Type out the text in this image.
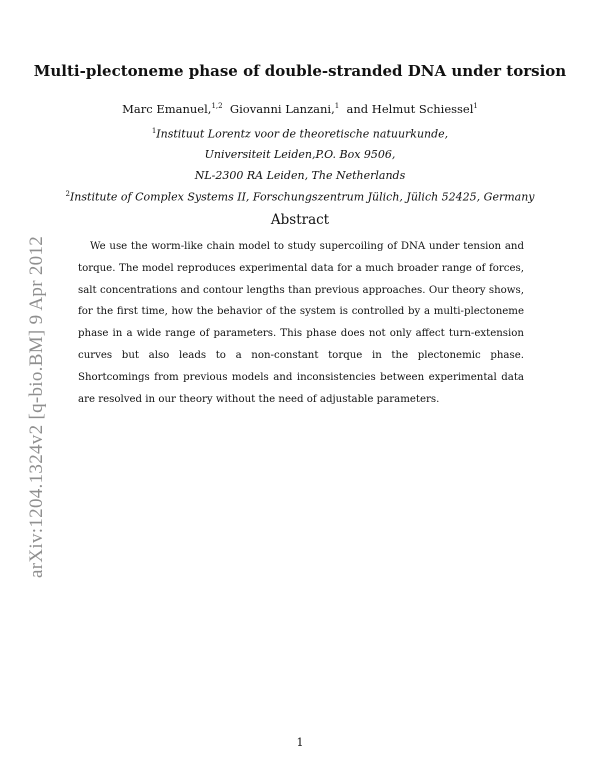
Multi-plectoneme phase of double-stranded DNA under torsion
Marc Emanuel,$^{1,2}$ Giovanni Lanzani,$^1$ and Helmut Schiessel$^1$
$^1$Instituut Lorentz voor de theoretische natuurkunde,
Universiteit Leiden,P.O. Box 9506,
NL-2300 RA Leiden, The Netherlands
$^2$Institute of Complex Systems II, Forschungszentrum Jülich, Jülich 52425, Germany
Abstract
We use the worm-like chain model to study supercoiling of DNA under tension and torque. The model reproduces experimental data for a much broader range of forces, salt concentrations and contour lengths than previous approaches. Our theory shows, for the first time, how the behavior of the system is controlled by a multi-plectoneme phase in a wide range of parameters. This phase does not only affect turn-extension curves but also leads to a non-constant torque in the plectonemic phase. Shortcomings from previous models and inconsistencies between experimental data are resolved in our theory without the need of adjustable parameters.
arXiv:1204.1324v2 [q-bio.BM] 9 Apr 2012
1
